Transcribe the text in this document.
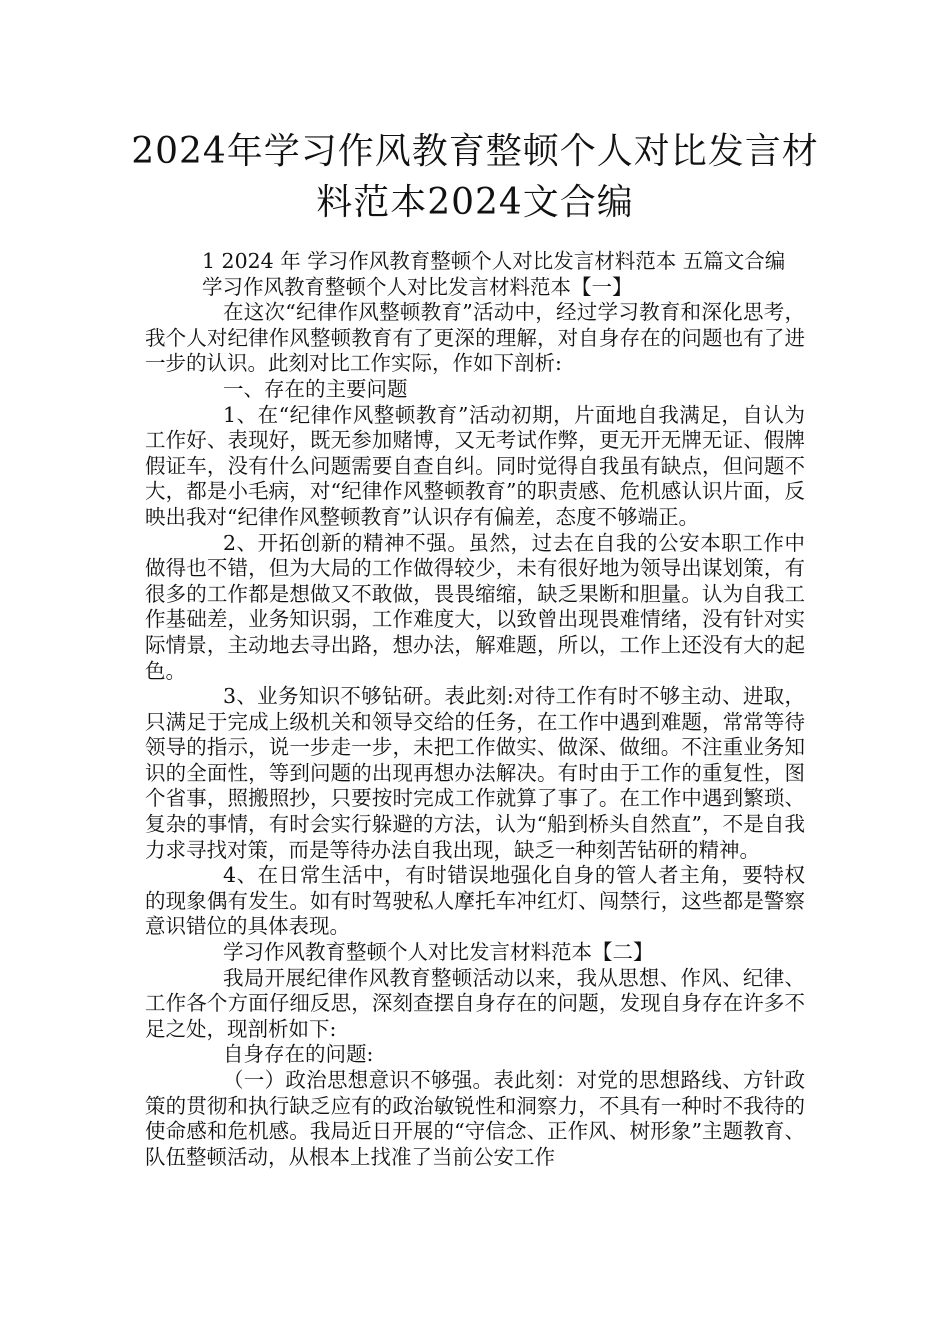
2024年学习作风教育整顿个人对比发言材料范本2024文合编

1 2024 年 学习作风教育整顿个人对比发言材料范本 五篇文合编

学习作风教育整顿个人对比发言材料范本【一】

在这次“纪律作风整顿教育”活动中，经过学习教育和深化思考，我个人对纪律作风整顿教育有了更深的理解，对自身存在的问题也有了进一步的认识。此刻对比工作实际，作如下剖析:

一、存在的主要问题

1、在“纪律作风整顿教育”活动初期，片面地自我满足，自认为工作好、表现好，既无参加赌博，又无考试作弊，更无开无牌无证、假牌假证车，没有什么问题需要自查自纠。同时觉得自我虽有缺点，但问题不大，都是小毛病，对“纪律作风整顿教育”的职责感、危机感认识片面，反映出我对“纪律作风整顿教育”认识存有偏差，态度不够端正。

2、开拓创新的精神不强。虽然，过去在自我的公安本职工作中做得也不错，但为大局的工作做得较少，未有很好地为领导出谋划策，有很多的工作都是想做又不敢做，畏畏缩缩，缺乏果断和胆量。认为自我工作基础差，业务知识弱，工作难度大，以致曾出现畏难情绪，没有针对实际情景，主动地去寻出路，想办法，解难题，所以，工作上还没有大的起色。

3、业务知识不够钻研。表此刻:对待工作有时不够主动、进取，只满足于完成上级机关和领导交给的任务，在工作中遇到难题，常常等待领导的指示，说一步走一步，未把工作做实、做深、做细。不注重业务知识的全面性，等到问题的出现再想办法解决。有时由于工作的重复性，图个省事，照搬照抄，只要按时完成工作就算了事了。在工作中遇到繁琐、复杂的事情，有时会实行躲避的方法，认为“船到桥头自然直”，不是自我力求寻找对策，而是等待办法自我出现，缺乏一种刻苦钻研的精神。

4、在日常生活中，有时错误地强化自身的管人者主角，要特权的现象偶有发生。如有时驾驶私人摩托车冲红灯、闯禁行，这些都是警察意识错位的具体表现。

学习作风教育整顿个人对比发言材料范本【二】

我局开展纪律作风教育整顿活动以来，我从思想、作风、纪律、工作各个方面仔细反思，深刻查摆自身存在的问题，发现自身存在许多不足之处，现剖析如下:

自身存在的问题:

（一）政治思想意识不够强。表此刻：对党的思想路线、方针政策的贯彻和执行缺乏应有的政治敏锐性和洞察力，不具有一种时不我待的使命感和危机感。我局近日开展的“守信念、正作风、树形象”主题教育、队伍整顿活动，从根本上找准了当前公安工作
